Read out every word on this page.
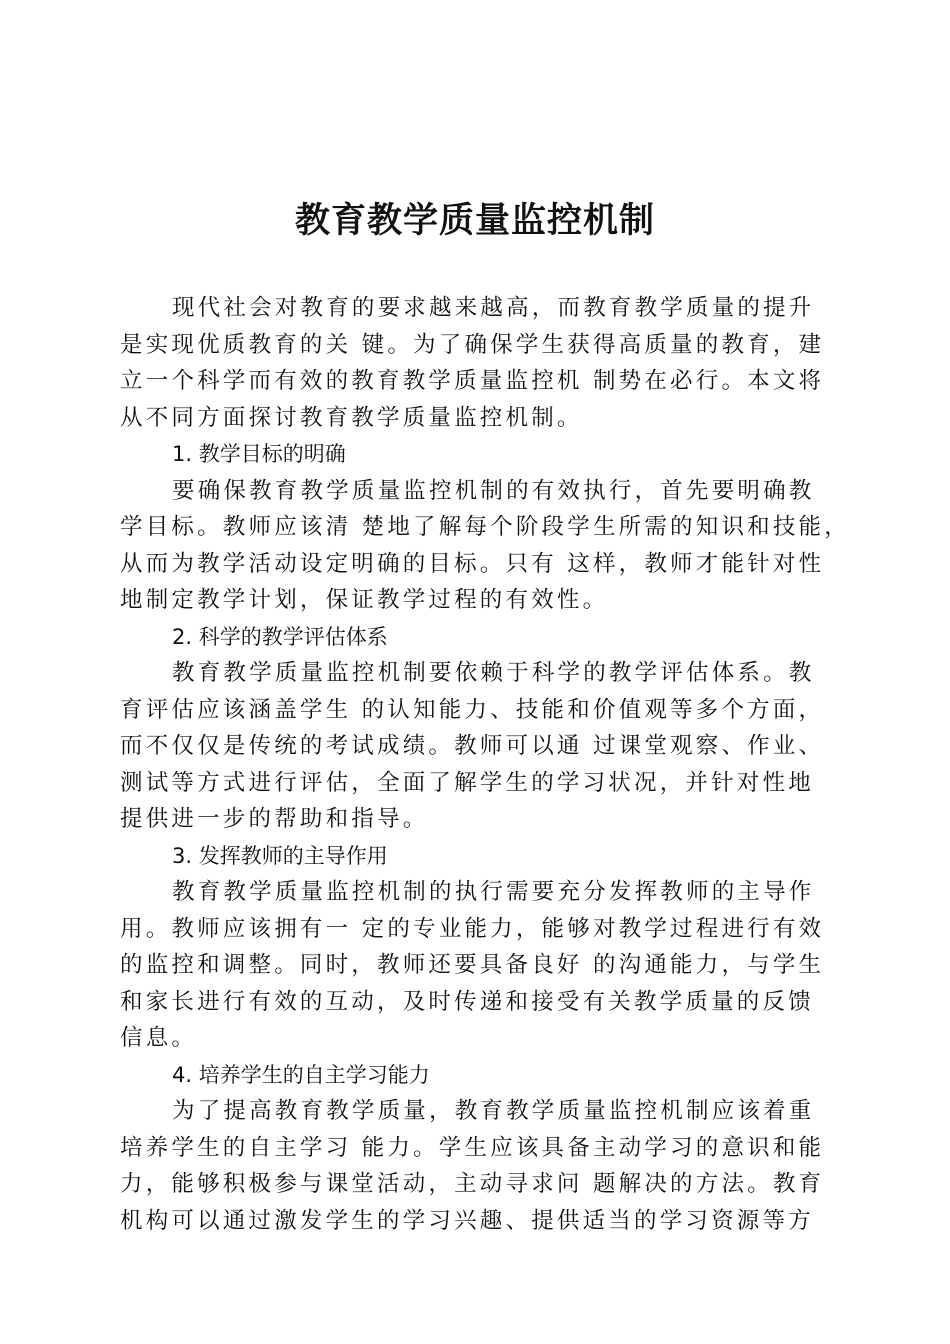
教育教学质量监控机制

现代社会对教育的要求越来越高，而教育教学质量的提升
是实现优质教育的关 键。为了确保学生获得高质量的教育，建
立一个科学而有效的教育教学质量监控机 制势在必行。本文将
从不同方面探讨教育教学质量监控机制。

1. 教学目标的明确

要确保教育教学质量监控机制的有效执行，首先要明确教
学目标。教师应该清 楚地了解每个阶段学生所需的知识和技能，
从而为教学活动设定明确的目标。只有 这样，教师才能针对性
地制定教学计划，保证教学过程的有效性。

2. 科学的教学评估体系

教育教学质量监控机制要依赖于科学的教学评估体系。教
育评估应该涵盖学生 的认知能力、技能和价值观等多个方面，
而不仅仅是传统的考试成绩。教师可以通 过课堂观察、作业、
测试等方式进行评估，全面了解学生的学习状况，并针对性地
提供进一步的帮助和指导。

3. 发挥教师的主导作用

教育教学质量监控机制的执行需要充分发挥教师的主导作
用。教师应该拥有一 定的专业能力，能够对教学过程进行有效
的监控和调整。同时，教师还要具备良好 的沟通能力，与学生
和家长进行有效的互动，及时传递和接受有关教学质量的反馈
信息。

4. 培养学生的自主学习能力

为了提高教育教学质量，教育教学质量监控机制应该着重
培养学生的自主学习 能力。学生应该具备主动学习的意识和能
力，能够积极参与课堂活动，主动寻求问 题解决的方法。教育
机构可以通过激发学生的学习兴趣、提供适当的学习资源等方
